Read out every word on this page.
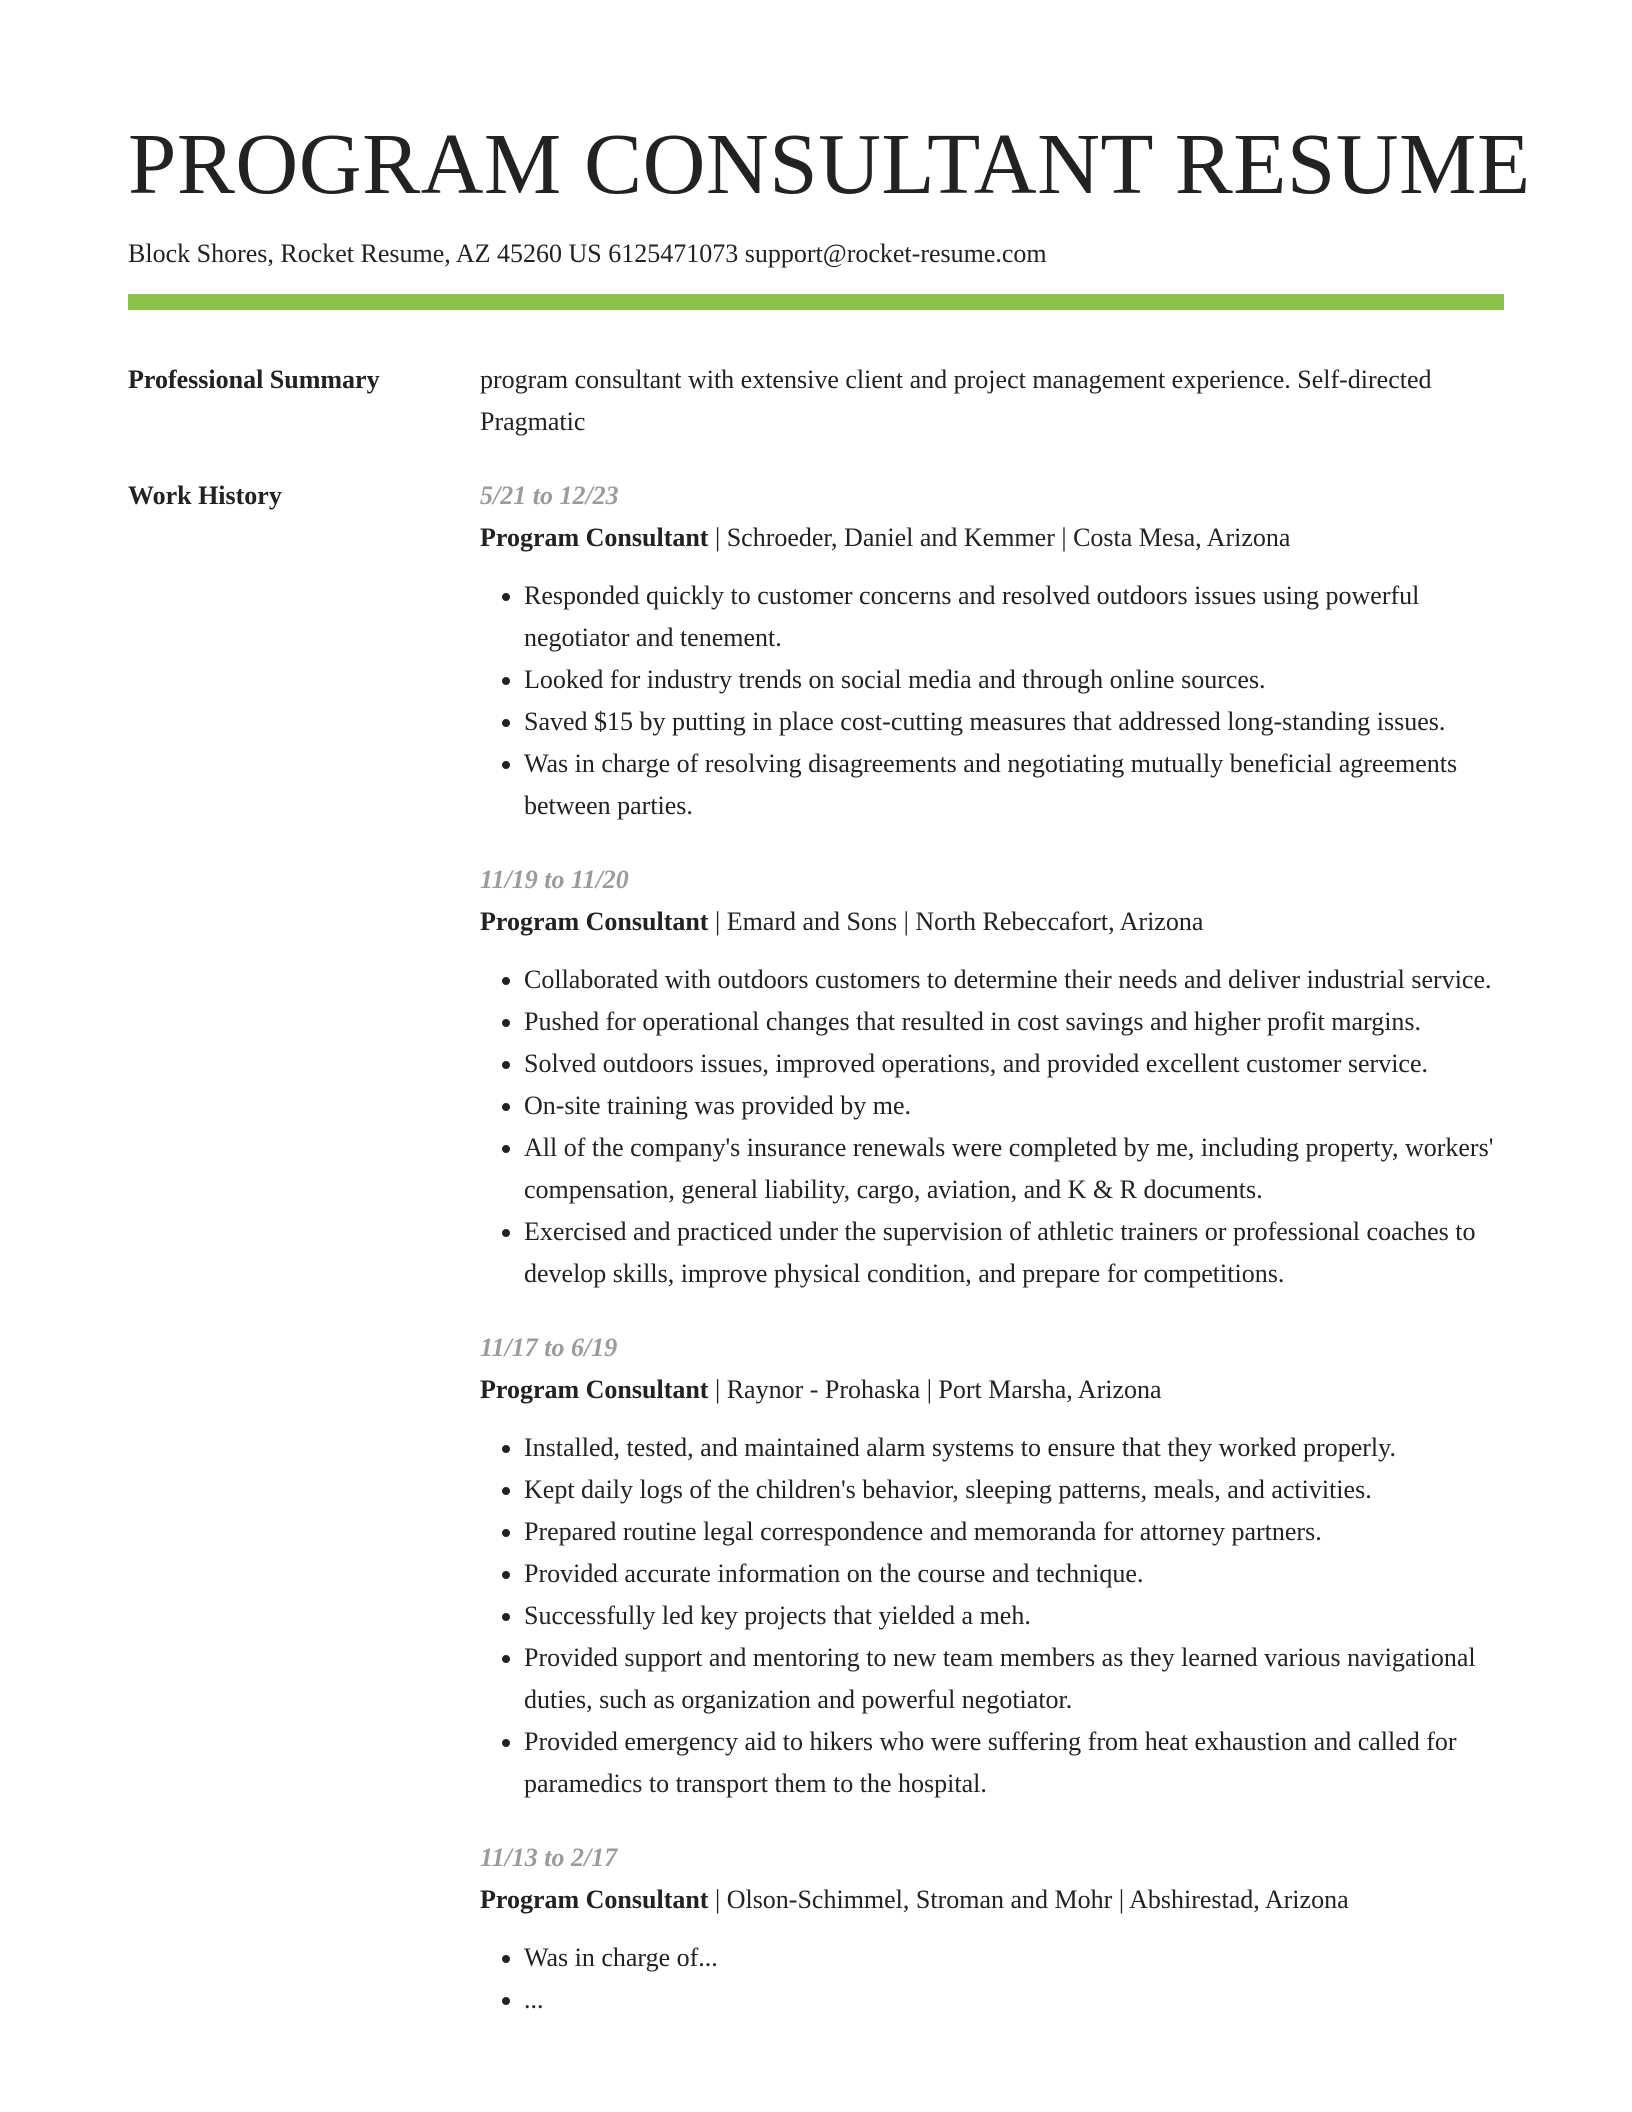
PROGRAM CONSULTANT RESUME
Block Shores, Rocket Resume, AZ 45260 US 6125471073 support@rocket-resume.com
Professional Summary	program consultant with extensive client and project management experience. Self-directed Pragmatic
Work History	5/21 to 12/23
Program Consultant | Schroeder, Daniel and Kemmer | Costa Mesa, Arizona
• Responded quickly to customer concerns and resolved outdoors issues using powerful negotiator and tenement.
• Looked for industry trends on social media and through online sources.
• Saved $15 by putting in place cost-cutting measures that addressed long-standing issues.
• Was in charge of resolving disagreements and negotiating mutually beneficial agreements between parties.
11/19 to 11/20
Program Consultant | Emard and Sons | North Rebeccafort, Arizona
• Collaborated with outdoors customers to determine their needs and deliver industrial service.
• Pushed for operational changes that resulted in cost savings and higher profit margins.
• Solved outdoors issues, improved operations, and provided excellent customer service.
• On-site training was provided by me.
• All of the company's insurance renewals were completed by me, including property, workers' compensation, general liability, cargo, aviation, and K & R documents.
• Exercised and practiced under the supervision of athletic trainers or professional coaches to develop skills, improve physical condition, and prepare for competitions.
11/17 to 6/19
Program Consultant | Raynor - Prohaska | Port Marsha, Arizona
• Installed, tested, and maintained alarm systems to ensure that they worked properly.
• Kept daily logs of the children's behavior, sleeping patterns, meals, and activities.
• Prepared routine legal correspondence and memoranda for attorney partners.
• Provided accurate information on the course and technique.
• Successfully led key projects that yielded a meh.
• Provided support and mentoring to new team members as they learned various navigational duties, such as organization and powerful negotiator.
• Provided emergency aid to hikers who were suffering from heat exhaustion and called for paramedics to transport them to the hospital.
11/13 to 2/17
Program Consultant | Olson-Schimmel, Stroman and Mohr | Abshirestad, Arizona
• Was in charge of...
• ...
